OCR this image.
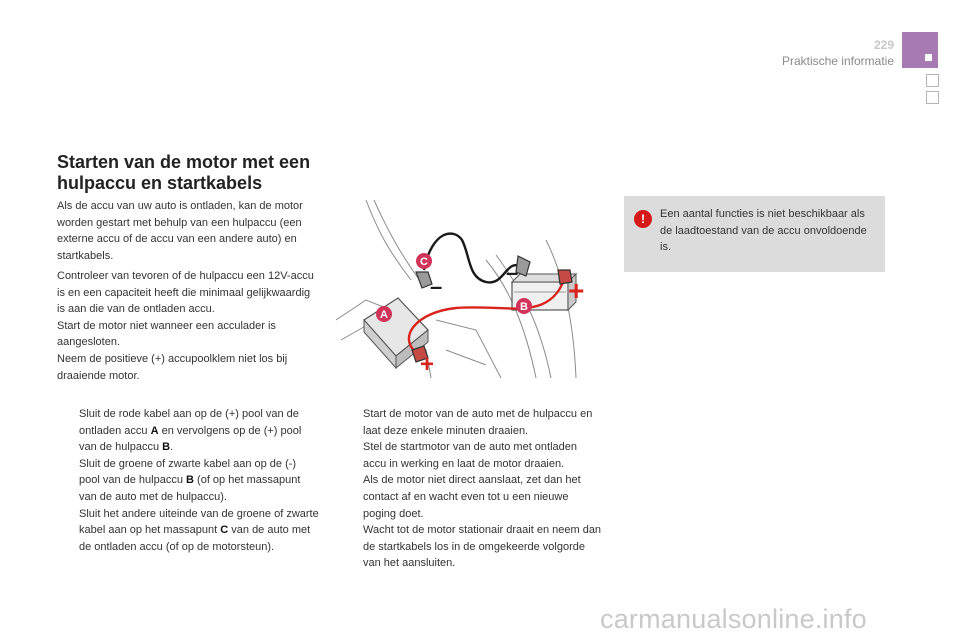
229
Praktische informatie
Starten van de motor met een hulpaccu en startkabels

Als de accu van uw auto is ontladen, kan de motor worden gestart met behulp van een hulpaccu (een externe accu of de accu van een andere auto) en startkabels.

Controleer van tevoren of de hulpaccu een 12V-accu is en een capaciteit heeft die minimaal gelijkwaardig is aan die van de ontladen accu.
Start de motor niet wanneer een acculader is aangesloten.
Neem de positieve (+) accupoolklem niet los bij draaiende motor.
Sluit de rode kabel aan op de (+) pool van de ontladen accu A en vervolgens op de (+) pool van de hulpaccu B.
Sluit de groene of zwarte kabel aan op de (-) pool van de hulpaccu B (of op het massapunt van de auto met de hulpaccu).
Sluit het andere uiteinde van de groene of zwarte kabel aan op het massapunt C van de auto met de ontladen accu (of op de motorsteun).
Start de motor van de auto met de hulpaccu en laat deze enkele minuten draaien.
Stel de startmotor van de auto met ontladen accu in werking en laat de motor draaien.
Als de motor niet direct aanslaat, zet dan het contact af en wacht even tot u een nieuwe poging doet.
Wacht tot de motor stationair draait en neem dan de startkabels los in de omgekeerde volgorde van het aansluiten.
!	Een aantal functies is niet beschikbaar als de laadtoestand van de accu onvoldoende is.

+
+
–
–
C
B
A
carmanualsonline.info
